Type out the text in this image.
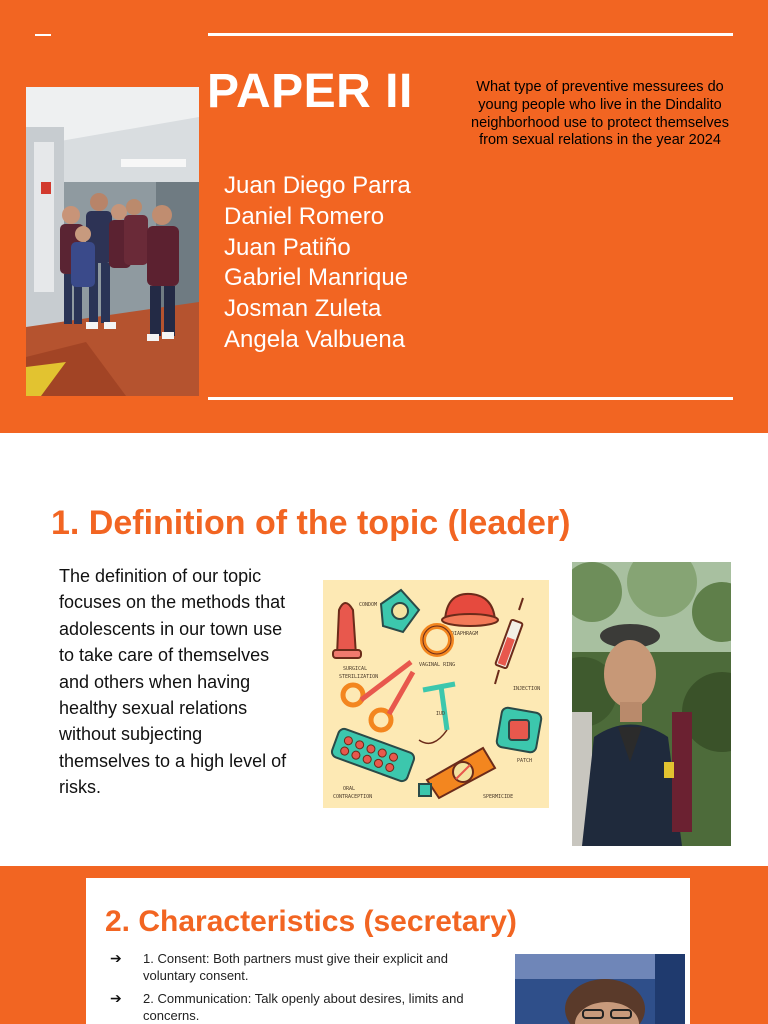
PAPER II	What type of preventive messurees do young people who live in the Dindalito neighborhood use to protect themselves from sexual relations in the year 2024

Juan Diego Parra
Daniel Romero
Juan Patiño
Gabriel Manrique
Josman Zuleta
Angela Valbuena
1. Definition of the topic (leader)

The definition of our topic focuses on the methods that adolescents in our town use to take care of themselves and others when having healthy sexual relations without subjecting themselves to a high level of risks.

CONDOM
DIAPHRAGM
VAGINAL RING
INJECTION
SURGICAL
STERILIZATION
IUD
PATCH
ORAL
CONTRACEPTION	SPERMICIDE
2. Characteristics (secretary)
➔ 1. Consent: Both partners must give their explicit and voluntary consent.
➔ 2. Communication: Talk openly about desires, limits and concerns.
